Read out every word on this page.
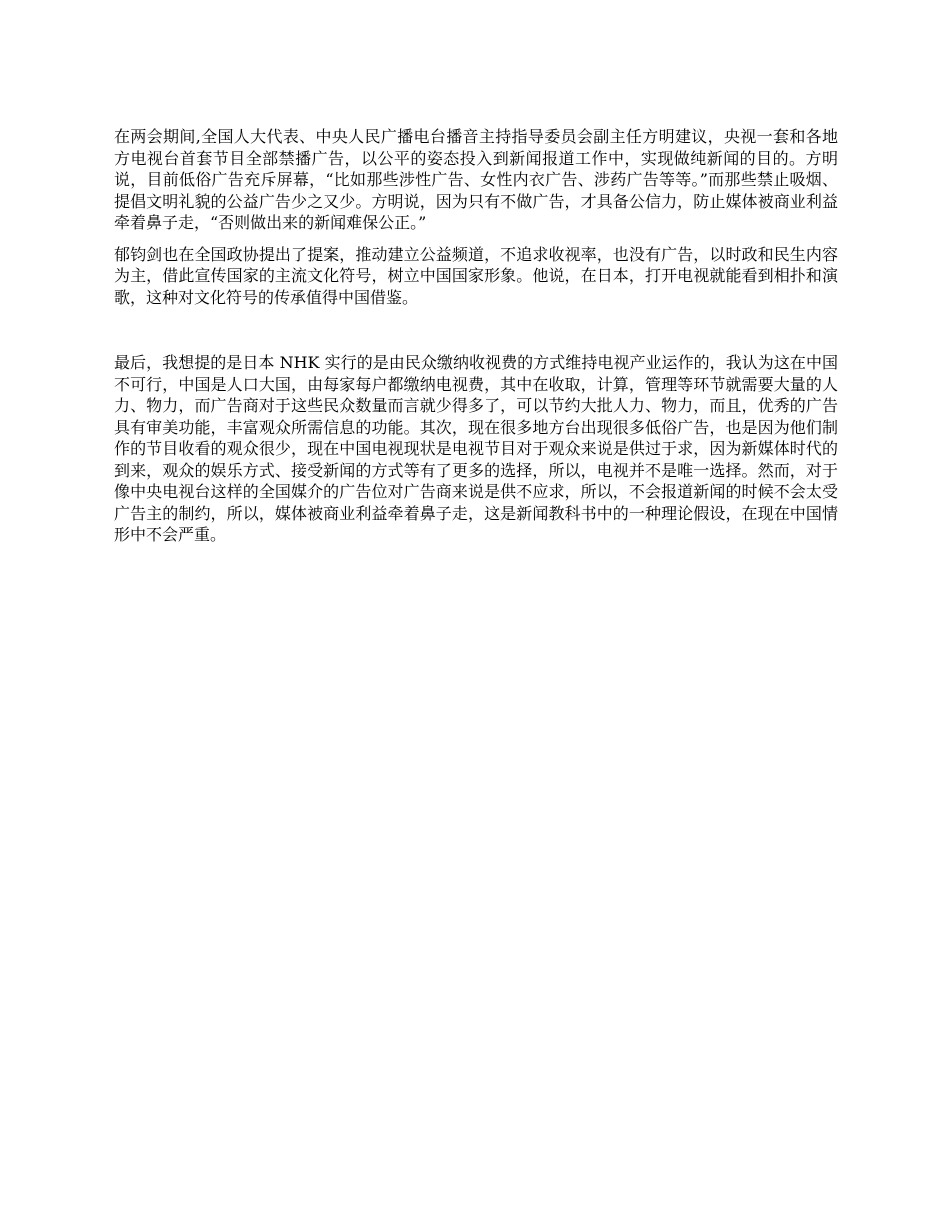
在两会期间,全国人大代表、中央人民广播电台播音主持指导委员会副主任方明建议，央视一套和各地方电视台首套节目全部禁播广告，以公平的姿态投入到新闻报道工作中，实现做纯新闻的目的。方明说，目前低俗广告充斥屏幕，“比如那些涉性广告、女性内衣广告、涉药广告等等。”而那些禁止吸烟、提倡文明礼貌的公益广告少之又少。方明说，因为只有不做广告，才具备公信力，防止媒体被商业利益牵着鼻子走，“否则做出来的新闻难保公正。”

郁钧剑也在全国政协提出了提案，推动建立公益频道，不追求收视率，也没有广告，以时政和民生内容为主，借此宣传国家的主流文化符号，树立中国国家形象。他说，在日本，打开电视就能看到相扑和演歌，这种对文化符号的传承值得中国借鉴。

最后，我想提的是日本 NHK 实行的是由民众缴纳收视费的方式维持电视产业运作的，我认为这在中国不可行，中国是人口大国，由每家每户都缴纳电视费，其中在收取，计算，管理等环节就需要大量的人力、物力，而广告商对于这些民众数量而言就少得多了，可以节约大批人力、物力，而且，优秀的广告具有审美功能，丰富观众所需信息的功能。其次，现在很多地方台出现很多低俗广告，也是因为他们制作的节目收看的观众很少，现在中国电视现状是电视节目对于观众来说是供过于求，因为新媒体时代的到来，观众的娱乐方式、接受新闻的方式等有了更多的选择，所以，电视并不是唯一选择。然而，对于像中央电视台这样的全国媒介的广告位对广告商来说是供不应求，所以，不会报道新闻的时候不会太受广告主的制约，所以，媒体被商业利益牵着鼻子走，这是新闻教科书中的一种理论假设，在现在中国情形中不会严重。
